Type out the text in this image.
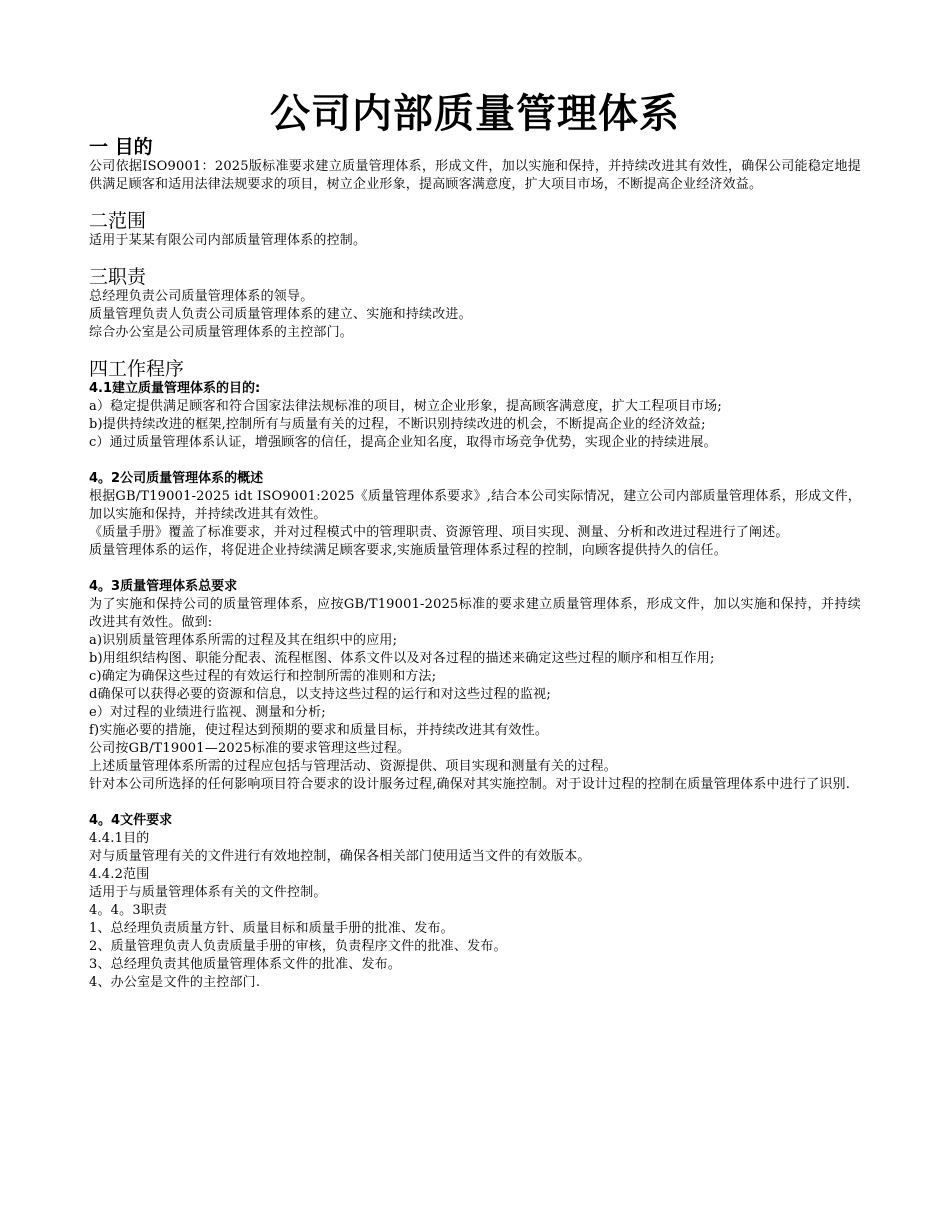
公司内部质量管理体系
一 目的

公司依据ISO9001：2025版标准要求建立质量管理体系，形成文件，加以实施和保持，并持续改进其有效性，确保公司能稳定地提供满足顾客和适用法律法规要求的项目，树立企业形象，提高顾客满意度，扩大项目市场，不断提高企业经济效益。

二范围

适用于某某有限公司内部质量管理体系的控制。

三职责

总经理负责公司质量管理体系的领导。

质量管理负责人负责公司质量管理体系的建立、实施和持续改进。

综合办公室是公司质量管理体系的主控部门。

四工作程序
4.1建立质量管理体系的目的:

a）稳定提供满足顾客和符合国家法律法规标准的项目，树立企业形象，提高顾客满意度，扩大工程项目市场;

b)提供持续改进的框架,控制所有与质量有关的过程，不断识别持续改进的机会，不断提高企业的经济效益;

c）通过质量管理体系认证，增强顾客的信任，提高企业知名度，取得市场竞争优势，实现企业的持续进展。

4。2公司质量管理体系的概述

根据GB/T19001-2025 idt ISO9001:2025《质量管理体系要求》,结合本公司实际情况，建立公司内部质量管理体系，形成文件，加以实施和保持，并持续改进其有效性。

《质量手册》覆盖了标准要求，并对过程模式中的管理职责、资源管理、项目实现、测量、分析和改进过程进行了阐述。

质量管理体系的运作，将促进企业持续满足顾客要求,实施质量管理体系过程的控制，向顾客提供持久的信任。

4。3质量管理体系总要求

为了实施和保持公司的质量管理体系，应按GB/T19001-2025标准的要求建立质量管理体系，形成文件，加以实施和保持，并持续改进其有效性。做到:

a)识别质量管理体系所需的过程及其在组织中的应用;

b)用组织结构图、职能分配表、流程框图、体系文件以及对各过程的描述来确定这些过程的顺序和相互作用;

c)确定为确保这些过程的有效运行和控制所需的准则和方法;

d确保可以获得必要的资源和信息，以支持这些过程的运行和对这些过程的监视;

e）对过程的业绩进行监视、测量和分析;

f)实施必要的措施，使过程达到预期的要求和质量目标，并持续改进其有效性。

公司按GB/T19001—2025标准的要求管理这些过程。

上述质量管理体系所需的过程应包括与管理活动、资源提供、项目实现和测量有关的过程。

针对本公司所选择的任何影响项目符合要求的设计服务过程,确保对其实施控制。对于设计过程的控制在质量管理体系中进行了识别.

4。4文件要求

4.4.1目的

对与质量管理有关的文件进行有效地控制，确保各相关部门使用适当文件的有效版本。

4.4.2范围

适用于与质量管理体系有关的文件控制。

4。4。3职责

1、总经理负责质量方针、质量目标和质量手册的批准、发布。

2、质量管理负责人负责质量手册的审核，负责程序文件的批准、发布。

3、总经理负责其他质量管理体系文件的批准、发布。

4、办公室是文件的主控部门.
